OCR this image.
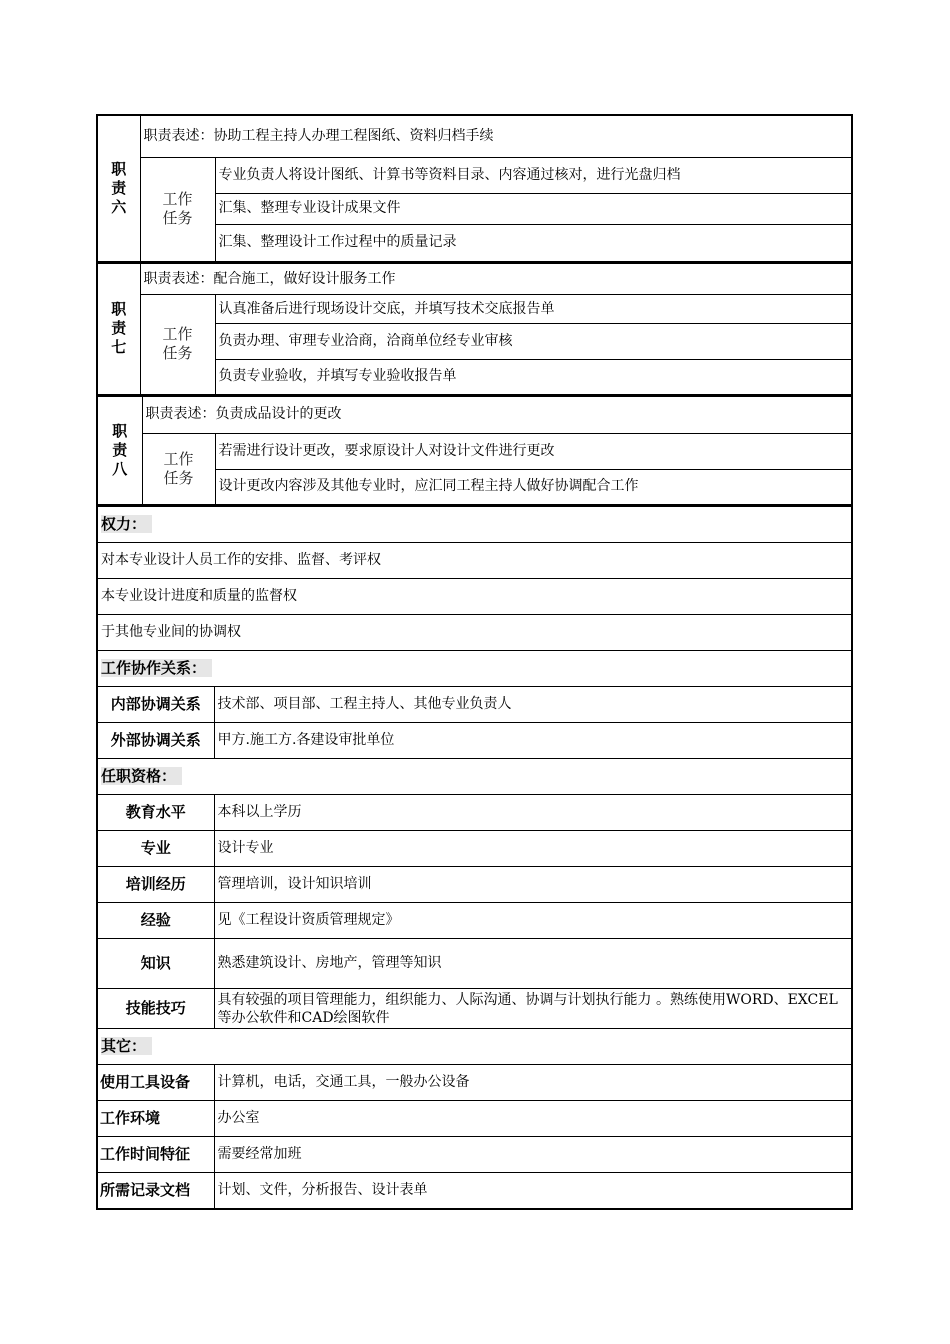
职
责
六	职责表述：协助工程主持人办理工程图纸、资料归档手续	
	工作
任务	专业负责人将设计图纸、计算书等资料目录、内容通过核对，进行光盘归档
		汇集、整理专业设计成果文件
		汇集、整理设计工作过程中的质量记录
职
责
七	职责表述：配合施工，做好设计服务工作	
	工作
任务	认真准备后进行现场设计交底，并填写技术交底报告单
		负责办理、审理专业洽商，洽商单位经专业审核
		负责专业验收，并填写专业验收报告单
职
责
八	职责表述：负责成品设计的更改	
	工作
任务	若需进行设计更改，要求原设计人对设计文件进行更改
		设计更改内容涉及其他专业时，应汇同工程主持人做好协调配合工作
权力：	
对本专业设计人员工作的安排、监督、考评权	
本专业设计进度和质量的监督权	
于其他专业间的协调权	
工作协作关系：	
内部协调关系	技术部、项目部、工程主持人、其他专业负责人
外部协调关系	甲方.施工方.各建设审批单位
任职资格：	
教育水平	本科以上学历
专业	设计专业
培训经历	管理培训，设计知识培训
经验	见《工程设计资质管理规定》
知识	熟悉建筑设计、房地产，管理等知识
技能技巧	具有较强的项目管理能力，组织能力、人际沟通、协调与计划执行能力 。熟练使用WORD、EXCEL等办公软件和CAD绘图软件
其它：	
使用工具设备	计算机，电话，交通工具，一般办公设备
工作环境	办公室
工作时间特征	需要经常加班
所需记录文档	计划、文件，分析报告、设计表单
